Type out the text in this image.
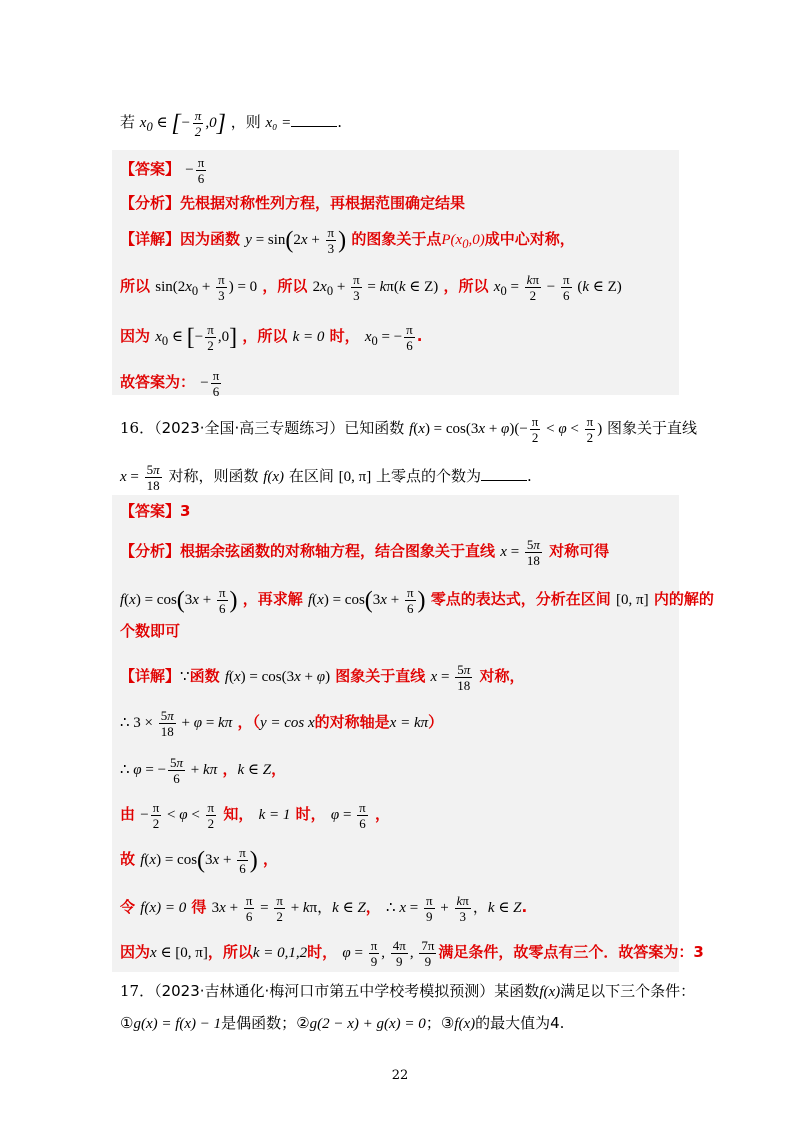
若 $x_0$ ∈ [− $\frac{\pi}{2} ,0$] ，则 x₀ =	.
【答案】 − $\frac{\pi}{6}$
【分析】先根据对称性列方程，再根据范围确定结果
【详解】因为函数 $y = \sin(2x + \frac{\pi}{3}$ ) 的图象关于点$P(x_0,0)$成中心对称，
所以 $\sin(2x_0 + \frac{\pi}{3}$ ) = 0 ，所以 $2x_0 + \frac{\pi}{3} = k\pi(k$ ∈ Z) ，所以 $x_0 = \frac{k\pi}{2} - \frac{\pi}{6} (k$ ∈ Z)
因为 $x_0$ ∈ [− $\frac{\pi}{2} ,0$] ，所以 k = 0 时， $x_0$ = − $\frac{\pi}{6}$ .
故答案为： − $\frac{\pi}{6}$
16．（2023·全国·高三专题练习）已知函数 $f(x) = \cos(3x + \varphi)(- \frac{\pi}{2} < \varphi < \frac{\pi}{2}$ ) 图象关于直线
$x = \frac{5\pi}{18}$ 对称，则函数 f(x) 在区间 [0, π] 上零点的个数为	.
【答案】3
【分析】根据余弦函数的对称轴方程，结合图象关于直线 $x = \frac{5\pi}{18}$ 对称可得
$f(x) = \cos(3x + \frac{\pi}{6}$ ) ，再求解 $f(x) = \cos(3x + \frac{\pi}{6}$ ) 零点的表达式，分析在区间 [0, π] 内的解的
个数即可
【详解】∵函数 f(x) = cos(3x + φ) 图象关于直线 $x = \frac{5\pi}{18}$ 对称，
∴ $3 \times \frac{5\pi}{18} + \varphi = k\pi$ ，（y = cos x的对称轴是x = kπ）
∴ φ = − $\frac{5\pi}{6} + k\pi$ ，k ∈ Z，
由 − $\frac{\pi}{2} < \varphi < \frac{\pi}{2}$ 知， k = 1 时， $\varphi = \frac{\pi}{6}$ ，
故 $f(x) = \cos(3x + \frac{\pi}{6}$ ) ，
令 f(x) = 0 得 $3x + \frac{\pi}{6} = \frac{\pi}{2} + k\pi$，k ∈ Z， ∴ $x = \frac{\pi}{9} + \frac{k\pi}{3}$ ，k ∈ Z.
因为x ∈ [0, π]，所以k = 0,1,2时， $\varphi = \frac{\pi}{9}$ , $\frac{4\pi}{9}$ , $\frac{7\pi}{9}$ 满足条件，故零点有三个．故答案为：3
17．（2023·吉林通化·梅河口市第五中学校考模拟预测）某函数f(x)满足以下三个条件：
①g(x) = f(x) − 1是偶函数；②g(2 − x) + g(x) = 0；③f(x)的最大值为4.
22
